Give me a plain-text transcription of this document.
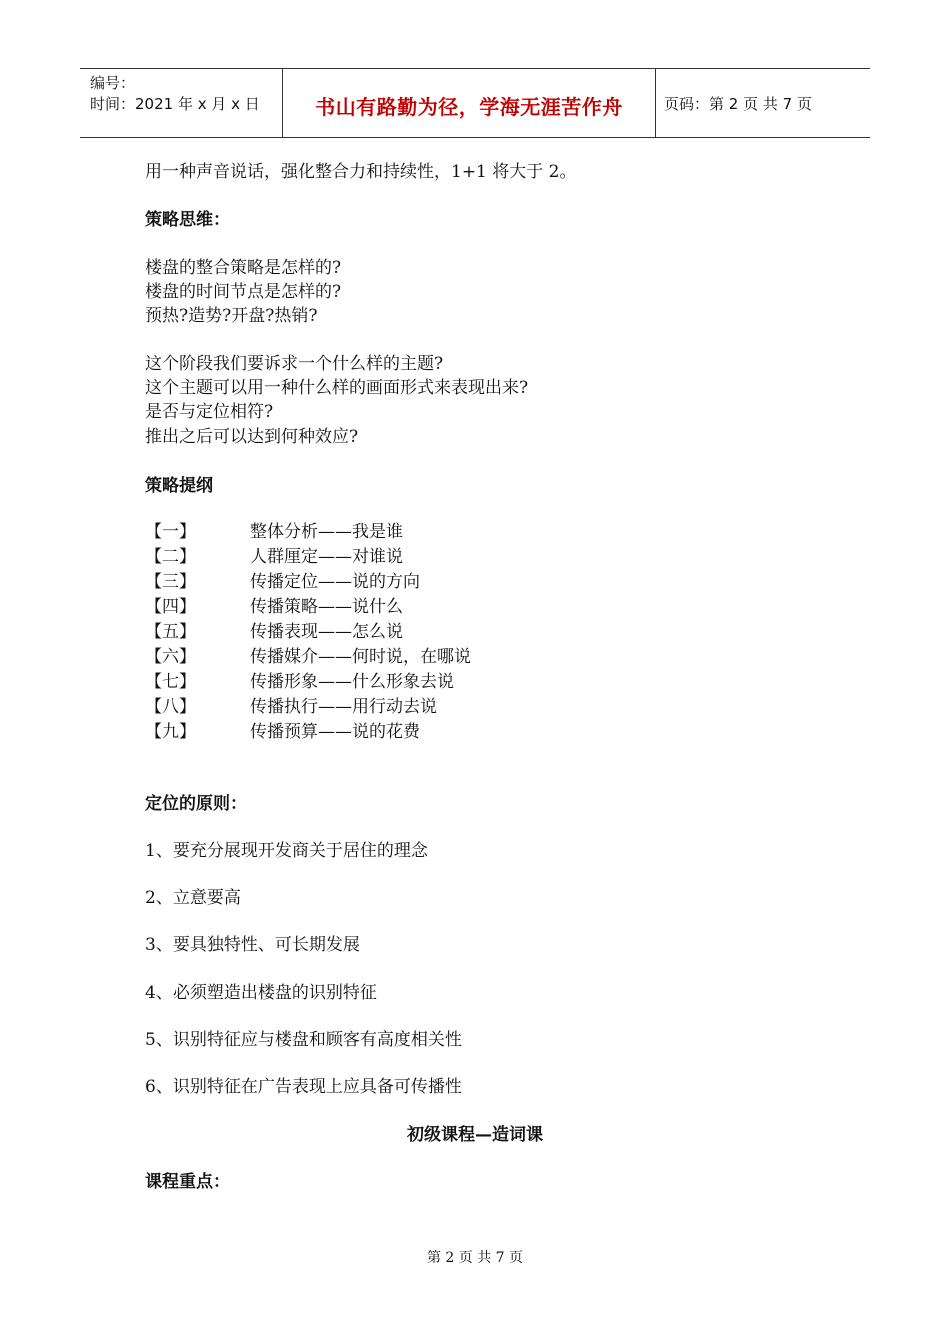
编号：
时间：2021 年 x 月 x 日	书山有路勤为径，学海无涯苦作舟	页码：第 2 页 共 7 页
用一种声音说话，强化整合力和持续性，1+1 将大于 2。
策略思维：
楼盘的整合策略是怎样的?
楼盘的时间节点是怎样的?
预热?造势?开盘?热销?
这个阶段我们要诉求一个什么样的主题?
这个主题可以用一种什么样的画面形式来表现出来?
是否与定位相符?
推出之后可以达到何种效应?
策略提纲
【一】	整体分析——我是谁
【二】	人群厘定——对谁说
【三】	传播定位——说的方向
【四】	传播策略——说什么
【五】	传播表现——怎么说
【六】	传播媒介——何时说，在哪说
【七】	传播形象——什么形象去说
【八】	传播执行——用行动去说
【九】	传播预算——说的花费
定位的原则：
1、要充分展现开发商关于居住的理念
2、立意要高
3、要具独特性、可长期发展
4、必须塑造出楼盘的识别特征
5、识别特征应与楼盘和顾客有高度相关性
6、识别特征在广告表现上应具备可传播性
初级课程—造词课
课程重点：
第 2 页 共 7 页
